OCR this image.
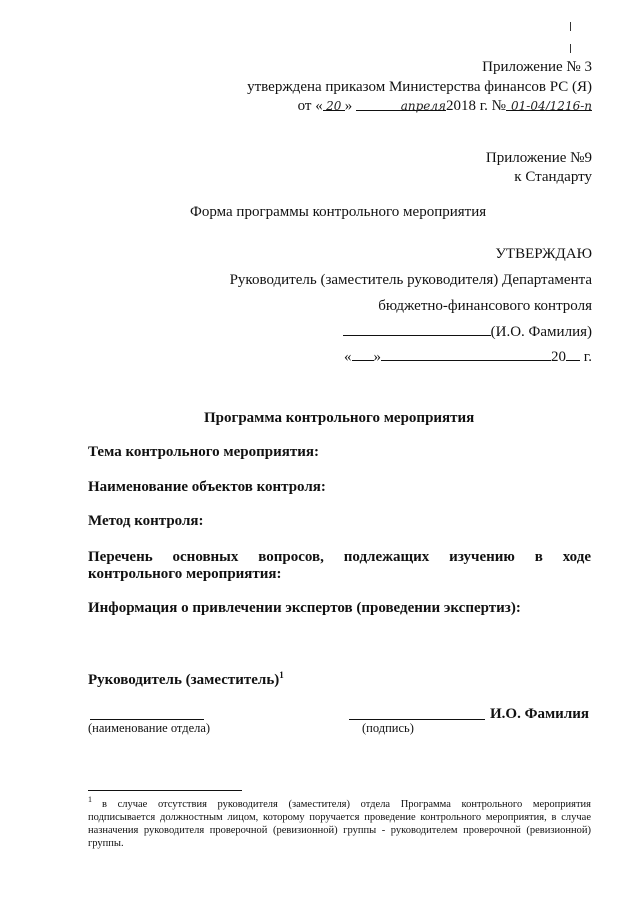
Приложение № 3
утверждена приказом Министерства финансов РС (Я)
от « 20 »	апреля2018 г. № 01-04/1216-п
Приложение №9
к Стандарту
Форма программы контрольного мероприятия
УТВЕРЖДАЮ
Руководитель (заместитель руководителя) Департамента
бюджетно-финансового контроля
(И.О. Фамилия)
« »	20 г.
Программа контрольного мероприятия
Тема контрольного мероприятия:
Наименование объектов контроля:
Метод контроля:
Перечень основных вопросов, подлежащих изучению в ходе
контрольного мероприятия:
Информация о привлечении экспертов (проведении экспертиз):
Руководитель (заместитель)$^1$
И.О. Фамилия
(наименование отдела)	(подпись)
1 в случае отсутствия руководителя (заместителя) отдела Программа контрольного мероприятия подписывается должностным лицом, которому поручается проведение контрольного мероприятия, в случае назначения руководителя проверочной (ревизионной) группы - руководителем проверочной (ревизионной) группы.
